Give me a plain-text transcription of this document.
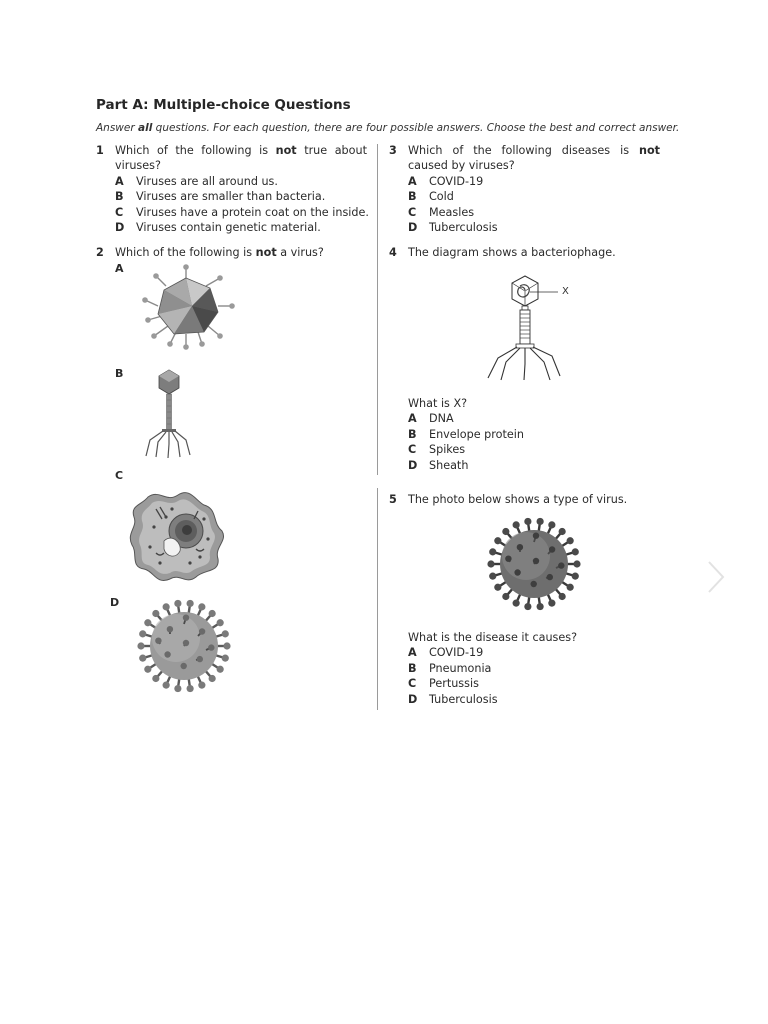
Part A: Multiple-choice Questions
Answer all questions. For each question, there are four possible answers. Choose the best and correct answer.
1 Which of the following is not true about viruses?
A	Viruses are all around us.
B	Viruses are smaller than bacteria.
C	Viruses have a protein coat on the inside.
D	Viruses contain genetic material.
2 Which of the following is not a virus?
A
B
C
D
3 Which of the following diseases is not caused by viruses?
A	COVID-19
B	Cold
C	Measles
D	Tuberculosis
4 The diagram shows a bacteriophage.
X
What is X?
A	DNA
B	Envelope protein
C	Spikes
D	Sheath
5 The photo below shows a type of virus.
What is the disease it causes?
A	COVID-19
B	Pneumonia
C	Pertussis
D	Tuberculosis
